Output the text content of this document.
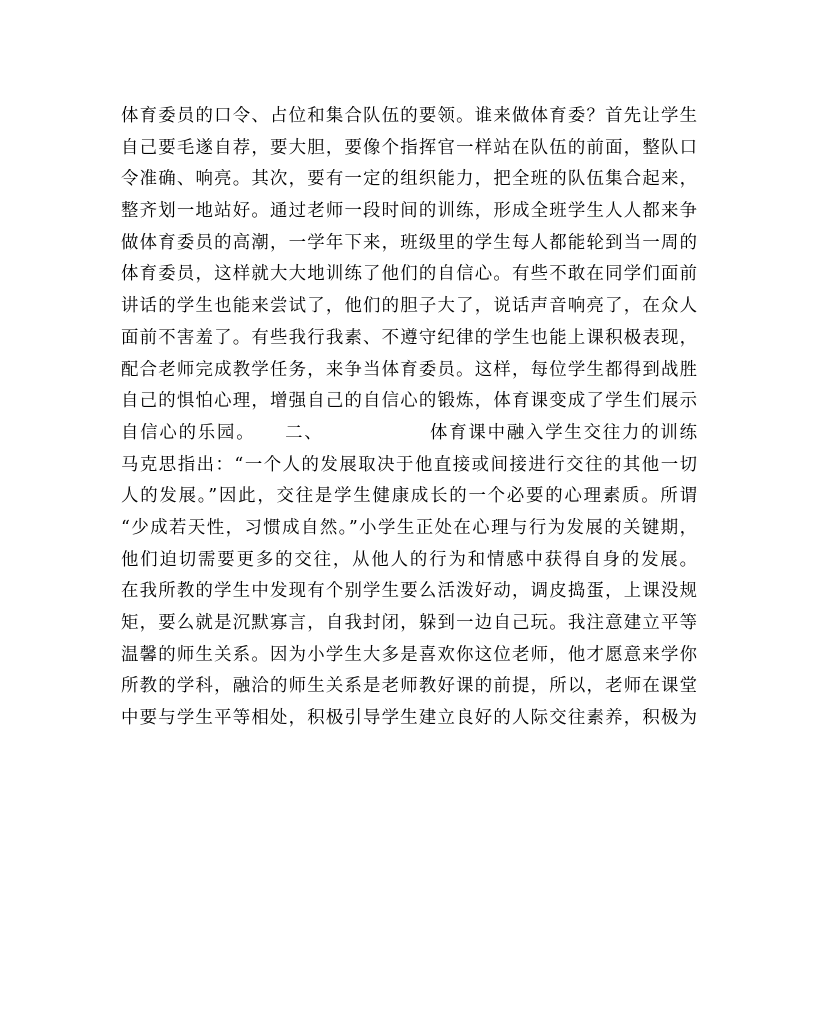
体育委员的口令、占位和集合队伍的要领。谁来做体育委？首先让学生
自己要毛遂自荐，要大胆，要像个指挥官一样站在队伍的前面，整队口
令准确、响亮。其次，要有一定的组织能力，把全班的队伍集合起来，
整齐划一地站好。通过老师一段时间的训练，形成全班学生人人都来争
做体育委员的高潮，一学年下来，班级里的学生每人都能轮到当一周的
体育委员，这样就大大地训练了他们的自信心。有些不敢在同学们面前
讲话的学生也能来尝试了，他们的胆子大了，说话声音响亮了，在众人
面前不害羞了。有些我行我素、不遵守纪律的学生也能上课积极表现，
配合老师完成教学任务，来争当体育委员。这样，每位学生都得到战胜
自己的惧怕心理，增强自己的自信心的锻炼，体育课变成了学生们展示
自信心的乐园。　　二、　　　　　　体育课中融入学生交往力的训练
马克思指出：“一个人的发展取决于他直接或间接进行交往的其他一切
人的发展。”因此，交往是学生健康成长的一个必要的心理素质。所谓
“少成若天性，习惯成自然。”小学生正处在心理与行为发展的关键期，
他们迫切需要更多的交往，从他人的行为和情感中获得自身的发展。
在我所教的学生中发现有个别学生要么活泼好动，调皮捣蛋，上课没规
矩，要么就是沉默寡言，自我封闭，躲到一边自己玩。我注意建立平等
温馨的师生关系。因为小学生大多是喜欢你这位老师，他才愿意来学你
所教的学科，融洽的师生关系是老师教好课的前提，所以，老师在课堂
中要与学生平等相处，积极引导学生建立良好的人际交往素养，积极为
